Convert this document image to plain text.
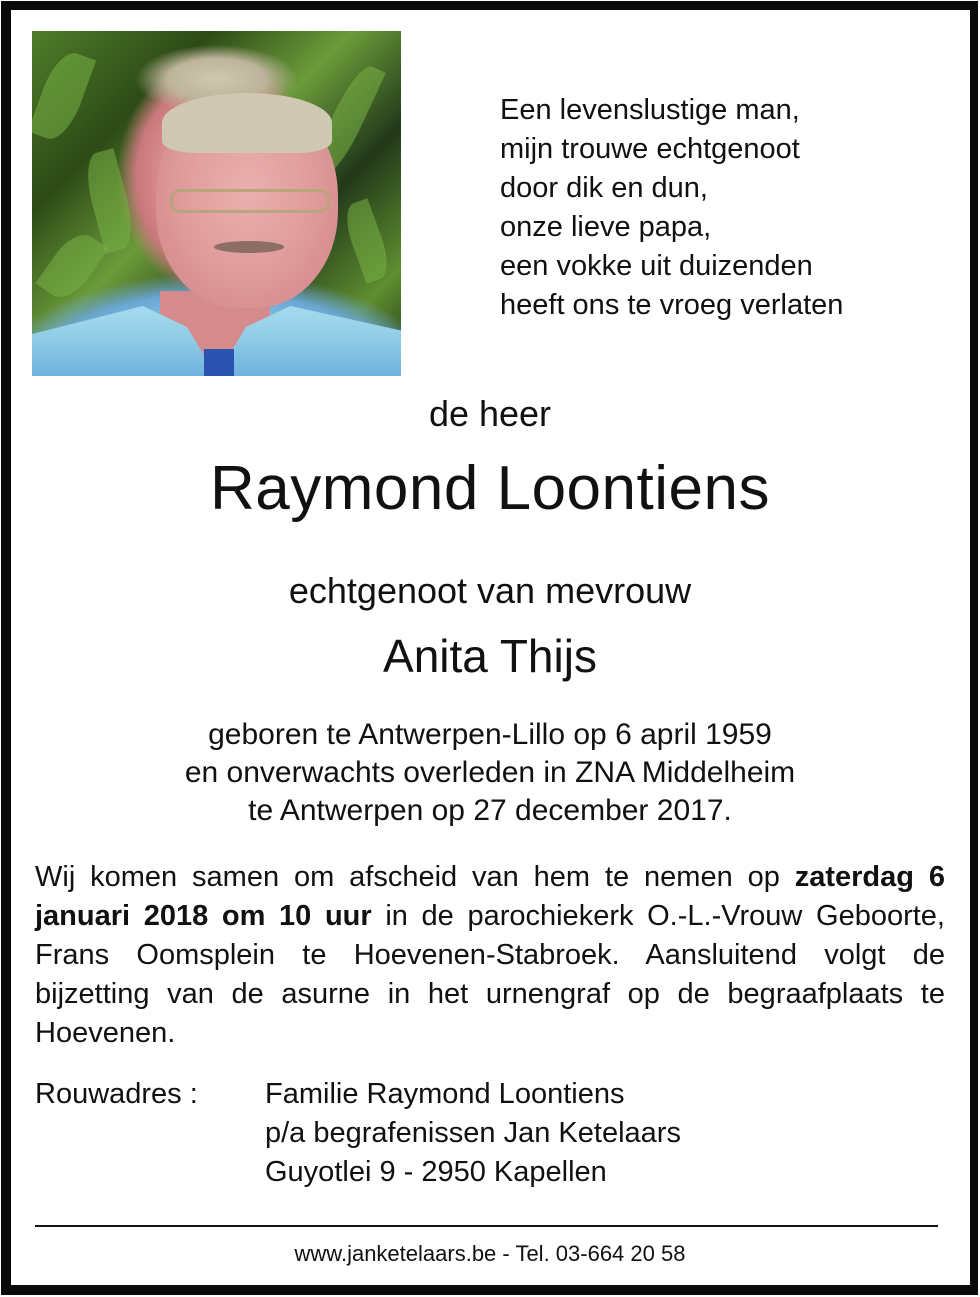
Een levenslustige man,
mijn trouwe echtgenoot
door dik en dun,
onze lieve papa,
een vokke uit duizenden
heeft ons te vroeg verlaten
de heer
Raymond Loontiens
echtgenoot van mevrouw
Anita Thijs
geboren te Antwerpen-Lillo op 6 april 1959
en onverwachts overleden in ZNA Middelheim
te Antwerpen op 27 december 2017.

Wij komen samen om afscheid van hem te nemen op zaterdag 6 januari 2018 om 10 uur in de parochiekerk O.-L.-Vrouw Geboorte, Frans Oomsplein te Hoevenen-Stabroek. Aansluitend volgt de bijzetting van de asurne in het urnengraf op de begraafplaats te Hoevenen.

Rouwadres : Familie Raymond Loontiens
p/a begrafenissen Jan Ketelaars
Guyotlei 9 - 2950 Kapellen
www.janketelaars.be - Tel. 03-664 20 58
